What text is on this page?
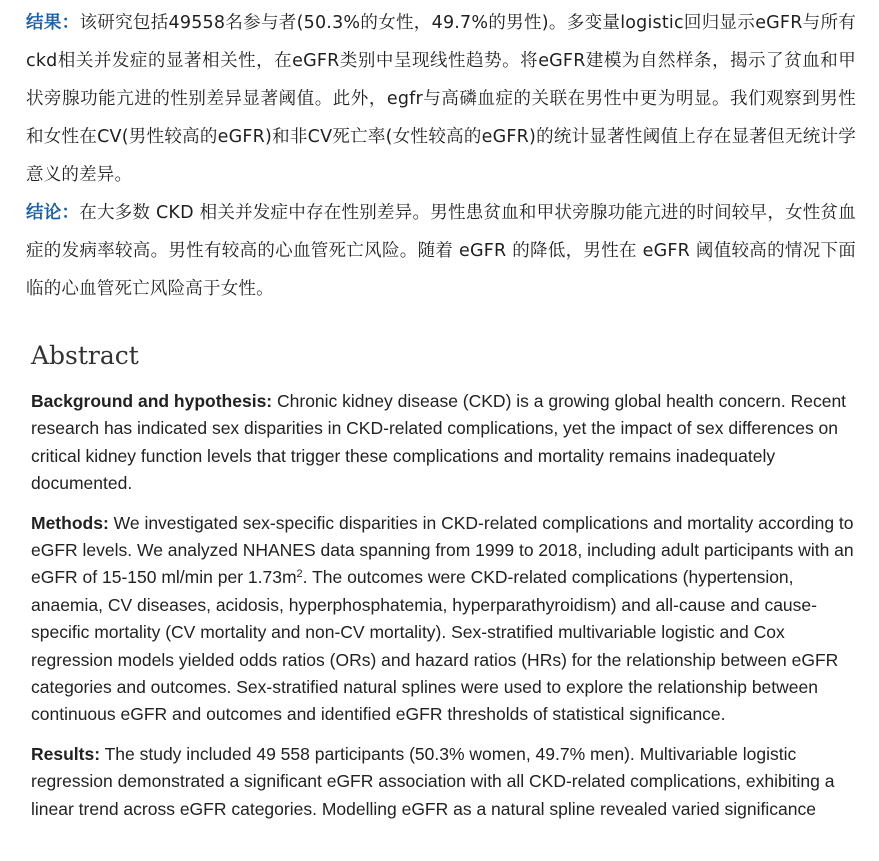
结果：该研究包括49558名参与者(50.3%的女性，49.7%的男性)。多变量logistic回归显示eGFR与所有ckd相关并发症的显著相关性，在eGFR类别中呈现线性趋势。将eGFR建模为自然样条，揭示了贫血和甲状旁腺功能亢进的性别差异显著阈值。此外，egfr与高磷血症的关联在男性中更为明显。我们观察到男性和女性在CV(男性较高的eGFR)和非CV死亡率(女性较高的eGFR)的统计显著性阈值上存在显著但无统计学意义的差异。

结论：在大多数 CKD 相关并发症中存在性别差异。男性患贫血和甲状旁腺功能亢进的时间较早，女性贫血症的发病率较高。男性有较高的心血管死亡风险。随着 eGFR 的降低，男性在 eGFR 阈值较高的情况下面临的心血管死亡风险高于女性。

Abstract

Background and hypothesis: Chronic kidney disease (CKD) is a growing global health concern. Recent research has indicated sex disparities in CKD-related complications, yet the impact of sex differences on critical kidney function levels that trigger these complications and mortality remains inadequately documented.

Methods: We investigated sex-specific disparities in CKD-related complications and mortality according to eGFR levels. We analyzed NHANES data spanning from 1999 to 2018, including adult participants with an eGFR of 15-150 ml/min per $1.73m^2$. The outcomes were CKD-related complications (hypertension, anaemia, CV diseases, acidosis, hyperphosphatemia, hyperparathyroidism) and all-cause and cause-specific mortality (CV mortality and non-CV mortality). Sex-stratified multivariable logistic and Cox regression models yielded odds ratios (ORs) and hazard ratios (HRs) for the relationship between eGFR categories and outcomes. Sex-stratified natural splines were used to explore the relationship between continuous eGFR and outcomes and identified eGFR thresholds of statistical significance.

Results: The study included 49 558 participants (50.3% women, 49.7% men). Multivariable logistic regression demonstrated a significant eGFR association with all CKD-related complications, exhibiting a linear trend across eGFR categories. Modelling eGFR as a natural spline revealed varied significance
